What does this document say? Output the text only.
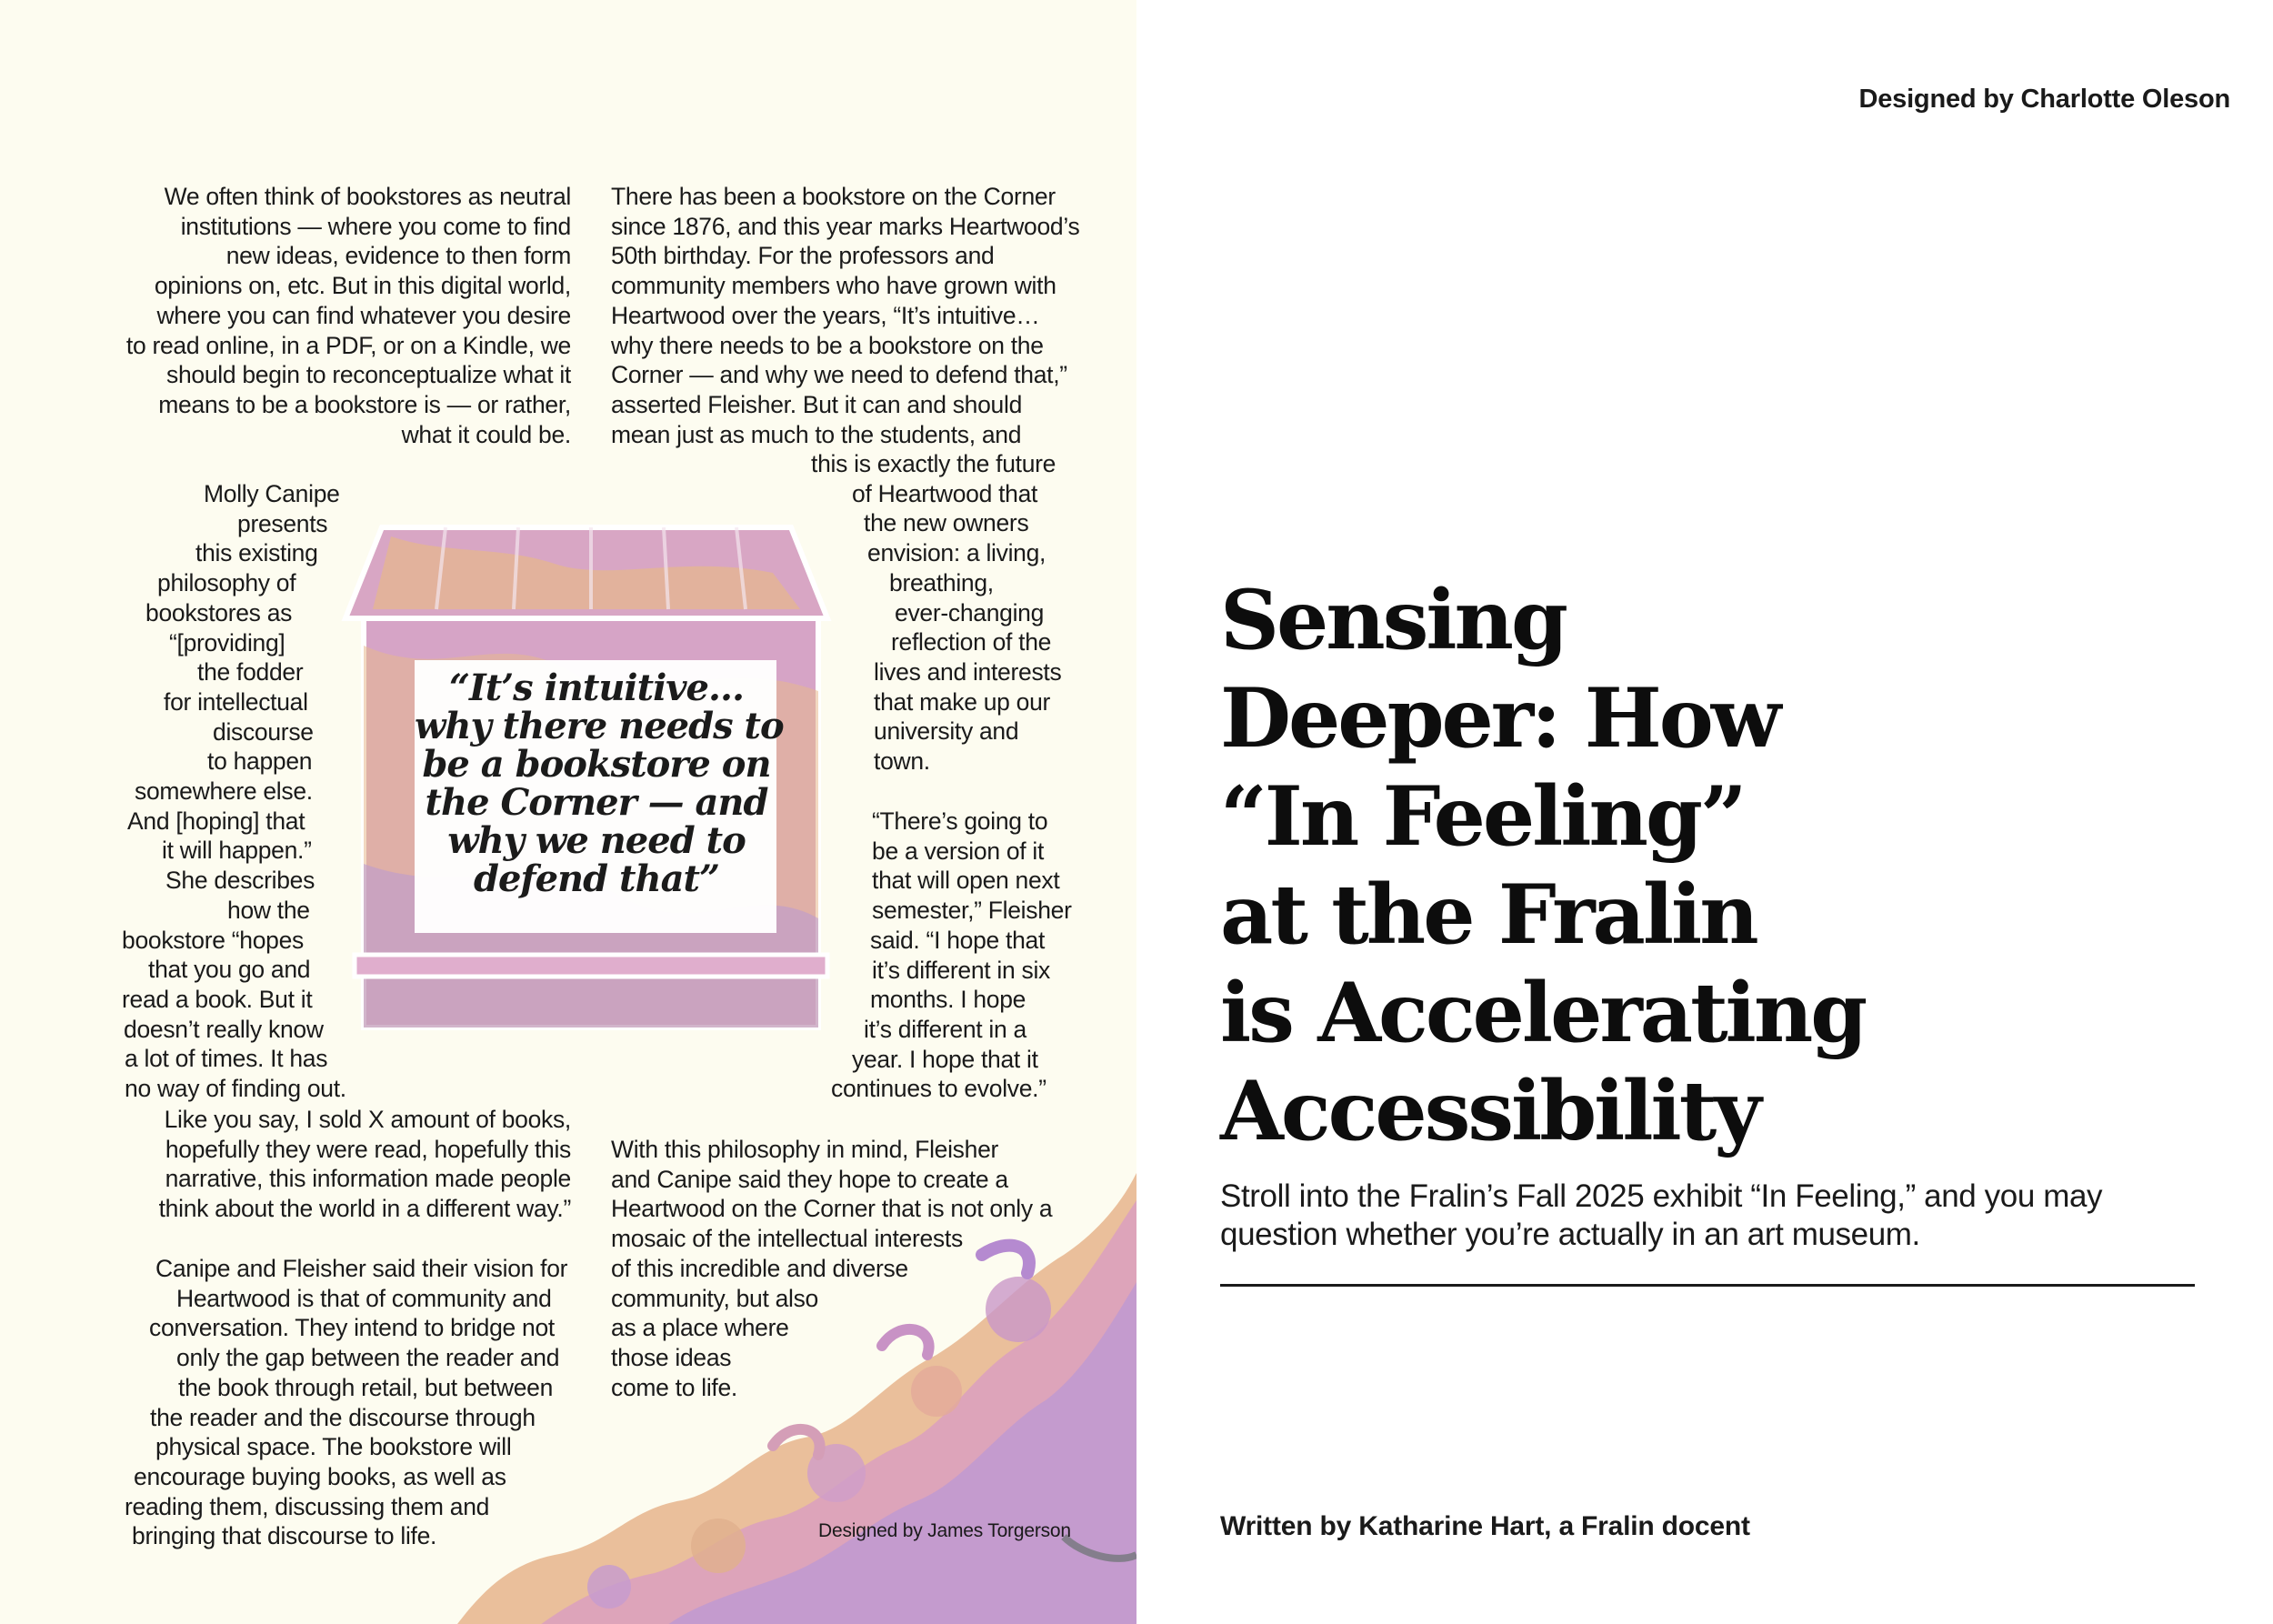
“It’s intuitive…
why there needs to
be a bookstore on
the Corner — and
why we need to
defend that”

We often think of bookstores as neutral
institutions — where you come to find
new ideas, evidence to then form
opinions on, etc. But in this digital world,
where you can find whatever you desire
to read online, in a PDF, or on a Kindle, we
should begin to reconceptualize what it
means to be a bookstore is — or rather,
what it could be.

There has been a bookstore on the Corner
since 1876, and this year marks Heartwood’s
50th birthday. For the professors and
community members who have grown with
Heartwood over the years, “It’s intuitive…
why there needs to be a bookstore on the
Corner — and why we need to defend that,”
asserted Fleisher. But it can and should
mean just as much to the students, and

this is exactly the future
of Heartwood that
the new owners
envision: a living,
breathing,
ever-changing
reflection of the
lives and interests
that make up our
university and
town.

“There’s going to
be a version of it
that will open next
semester,” Fleisher
said. “I hope that
it’s different in six
months. I hope
it’s different in a
year. I hope that it
continues to evolve.”

Molly Canipe
presents
this existing
philosophy of
bookstores as
“[providing]
the fodder
for intellectual
discourse
to happen
somewhere else.
And [hoping] that
it will happen.”
She describes
how the
bookstore “hopes
that you go and
read a book. But it
doesn’t really know
a lot of times. It has
no way of finding out.

Like you say, I sold X amount of books,
hopefully they were read, hopefully this
narrative, this information made people
think about the world in a different way.”

Canipe and Fleisher said their vision for
Heartwood is that of community and
conversation. They intend to bridge not
only the gap between the reader and
the book through retail, but between
the reader and the discourse through
physical space. The bookstore will
encourage buying books, as well as
reading them, discussing them and
bringing that discourse to life.

With this philosophy in mind, Fleisher
and Canipe said they hope to create a
Heartwood on the Corner that is not only a
mosaic of the intellectual interests
of this incredible and diverse
community, but also
as a place where
those ideas
come to life.

Designed by James Torgerson
Designed by Charlotte Oleson
Sensing
Deeper: How
“In Feeling”
at the Fralin
is Accelerating
Accessibility

Stroll into the Fralin’s Fall 2025 exhibit “In Feeling,” and you may
question whether you’re actually in an art museum.

Written by Katharine Hart, a Fralin docent
